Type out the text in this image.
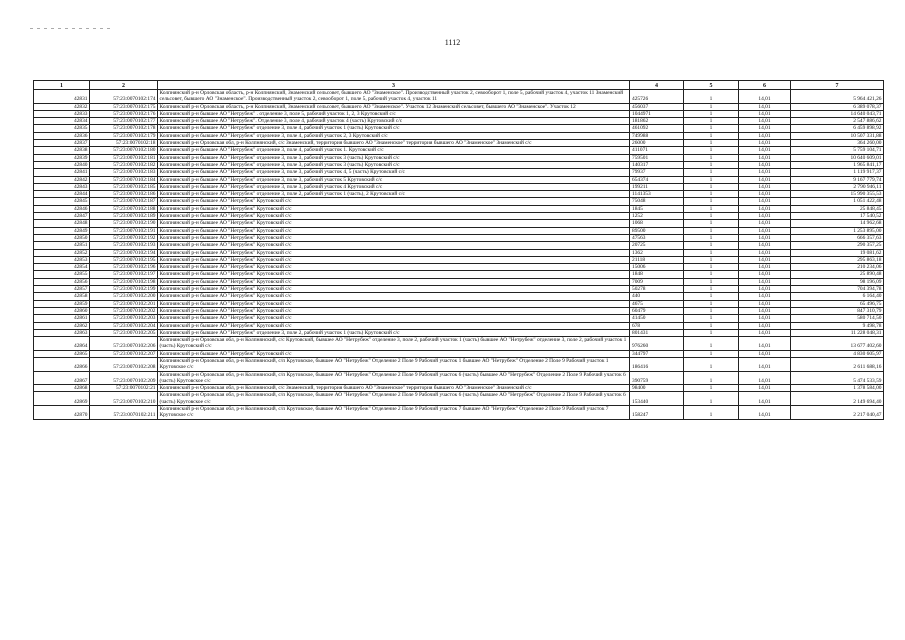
1112
1	2	3	4	5	6	7
42831	57:23:0070102:174	Колпнянский р-н Орловская область, р-н Колпнянский, Знаменский сельсовет, бывшего АО "Знаменское". Производственный участок 2, севооборот 1, поле 5, рабочий участок 4, участок 11 Знаменский сельсовет, бывшего АО "Знаменское". Производственный участок 2, севооборот 1, поле 5, рабочий участок 4, участок 11	425726	1	14,01	5 964 421,26
42832	57:23:0070102:175	Колпнянский р-н Орловская область, р-н Колпнянский, Знаменский сельсовет, бывшего АО "Знаменское". Участок 12 Знаменский сельсовет, бывшего АО "Знаменское". Участок 12	456037	1	14,01	6 389 078,37
42833	57:23:0070102:176	Колпнянский р-н бывшее АО "Нетрубеж" . отделение 3, поле 5, рабочий участок 1, 2, 3 Крутовский с/с	1044971	1	14,01	14 640 043,71
42834	57:23:0070102:177	Колпнянский р-н бывшее АО "Нетрубеж". Отделение 3, поле 4, рабочий участок 4 (часть) Крутовский с/с	181862	1	14,01	2 547 886,62
42835	57:23:0070102:178	Колпнянский р-н бывшее АО "Нетрубеж" отделение 3, поле 4, рабочий участок 1 (часть) Крутовский с/с	461092	1	14,01	6 459 898,92
42836	57:23:0070102:179	Колпнянский р-н бывшее АО "Нетрубеж" отделение 3, поле 4, рабочий участок 2, 3 Крутовский с/с	749988	1	14,01	10 507 331,88
42837	57:23:0070102:18	Колпнянский р-н Орловская обл, р-н Колпнянский, с/с Знаменский, территория бывшего АО "Знаменское" территория бывшего АО "Знаменское" Знаменский с/с	26000	1	14,01	364 260,00
42838	57:23:0070102:180	Колпнянский р-н бывшее АО "Нетрубеж" отделение 3, поле 4, рабочий участок 1. Крутовский с/с	411071	1	14,01	5 759 104,71
42839	57:23:0070102:181	Колпнянский р-н бывшее АО "Нетрубеж" отделение 3, поле 3, рабочий участок 3 (часть) Крутовский с/с	759501	1	14,01	10 640 609,01
42840	57:23:0070102:182	Колпнянский р-н бывшее АО "Нетрубеж" отделение 3, поле 3, рабочий участок 3 (часть) Крутовский с/с	140317	1	14,01	1 965 841,17
42841	57:23:0070102:183	Колпнянский р-н бывшее АО "Нетрубеж" отделение 3, поле 3, рабочий участок 4, 5 (часть) Крутовский с/с	79937	1	14,01	1 119 917,37
42842	57:23:0070102:184	Колпнянский р-н бывшее АО "Нетрубеж" отделение 3, поле 3, рабочий участок 5 Крутовский с/с	654374	1	14,01	9 167 779,74
42843	57:23:0070102:185	Колпнянский р-н бывшее АО "Нетрубеж" отделение 3, поле 3, рабочий участок 4 Крутовский с/с	199211	1	14,01	2 790 946,11
42844	57:23:0070102:186	Колпнянский р-н бывшее АО "Нетрубеж" отделение 3, поле 2, рабочий участок 1 (часть), 2 Крутовский с/с	1141353	1	14,01	15 990 355,53
42845	57:23:0070102:187	Колпнянский р-н бывшее АО "Нетрубеж" Крутовский с/с	75048	1	14,01	1 051 422,48
42846	57:23:0070102:188	Колпнянский р-н бывшее АО "Нетрубеж" Крутовский с/с	1845	1	14,01	25 848,45
42847	57:23:0070102:189	Колпнянский р-н бывшее АО "Нетрубеж" Крутовский с/с	1252	1	14,01	17 540,52
42848	57:23:0070102:190	Колпнянский р-н бывшее АО "Нетрубеж" Крутовский с/с	1068	1	14,01	14 962,68
42849	57:23:0070102:191	Колпнянский р-н бывшее АО "Нетрубеж" Крутовский с/с	89500	1	14,01	1 253 895,00
42850	57:23:0070102:192	Колпнянский р-н бывшее АО "Нетрубеж" Крутовский с/с	47563	1	14,01	666 357,63
42851	57:23:0070102:193	Колпнянский р-н бывшее АО "Нетрубеж" Крутовский с/с	20725	1	14,01	290 357,25
42852	57:23:0070102:194	Колпнянский р-н бывшее АО "Нетрубеж" Крутовский с/с	1362	1	14,01	19 081,62
42853	57:23:0070102:195	Колпнянский р-н бывшее АО "Нетрубеж" Крутовский с/с	21118	1	14,01	295 863,18
42854	57:23:0070102:196	Колпнянский р-н бывшее АО "Нетрубеж" Крутовский с/с	15006	1	14,01	210 234,06
42855	57:23:0070102:197	Колпнянский р-н бывшее АО "Нетрубеж" Крутовский с/с	1848	1	14,01	25 890,48
42856	57:23:0070102:198	Колпнянский р-н бывшее АО "Нетрубеж" Крутовский с/с	7009	1	14,01	98 196,09
42857	57:23:0070102:199	Колпнянский р-н бывшее АО "Нетрубеж" Крутовский с/с	50278	1	14,01	704 394,78
42858	57:23:0070102:200	Колпнянский р-н бывшее АО "Нетрубеж" Крутовский с/с	440	1	14,01	6 164,40
42859	57:23:0070102:201	Колпнянский р-н бывшее АО "Нетрубеж" Крутовский с/с	4675	1	14,01	65 496,75
42860	57:23:0070102:202	Колпнянский р-н бывшее АО "Нетрубеж" Крутовский с/с	60479	1	14,01	847 310,79
42861	57:23:0070102:203	Колпнянский р-н бывшее АО "Нетрубеж" Крутовский с/с	41450	1	14,01	580 714,50
42862	57:23:0070102:204	Колпнянский р-н бывшее АО "Нетрубеж" Крутовский с/с	678	1	14,01	9 498,78
42863	57:23:0070102:205	Колпнянский р-н бывшее АО "Нетрубеж" отделение 3, поле 2, рабочий участок 1 (часть) Крутовский с/с	801431	1	14,01	11 228 048,31
42864	57:23:0070102:206	Колпнянский р-н Орловская обл, р-н Колпнянский, с/с Крутовский, бывшее АО "Нетрубеж" отделение 3, поле 2, рабочий участок 1 (часть) бывшее АО "Нетрубеж" отделение 3, поле 2, рабочий участок 1 (часть) Крутовский с/с	976260	1	14,01	13 677 402,60
42865	57:23:0070102:207	Колпнянский р-н бывшее АО "Нетрубеж" Крутовский с/с	344797	1	14,01	4 830 605,97
42866	57:23:0070102:208	Колпнянский р-н Орловская обл, р-н Колпнянский, с/п Крутовское, бывшее АО "Нетрубеж" Отделение 2 Поле 9 Рабочий участок 1 бывшее АО "Нетрубеж" Отделение 2 Поле 9 Рабочий участок 1 Крутовское с/с	186416	1	14,01	2 611 688,16
42867	57:23:0070102:209	Колпнянский р-н Орловская обл, р-н Колпнянский, с/п Крутовское, бывшее АО "Нетрубеж" Отделение 2 Поле 9 Рабочий участок 6 (часть) бывшее АО "Нетрубеж" Отделение 2 Поле 9 Рабочий участок 6 (часть) Крутовское с/с	390759	1	14,01	5 474 533,59
42868	57:23:0070102:21	Колпнянский р-н Орловская обл, р-н Колпнянский, с/с Знаменский, территория бывшего АО "Знаменское" территория бывшего АО "Знаменское" Знаменский с/с	98400	1	14,01	1 378 584,00
42869	57:23:0070102:210	Колпнянский р-н Орловская обл, р-н Колпнянский, с/п Крутовское, бывшее АО "Нетрубеж" Отделение 2 Поле 9 Рабочий участок 6 (часть) бывшее АО "Нетрубеж" Отделение 2 Поле 9 Рабочий участок 6 (часть) Крутовское с/с	153440	1	14,01	2 149 694,40
42870	57:23:0070102:211	Колпнянский р-н Орловская обл, р-н Колпнянский, с/п Крутовское, бывшее АО "Нетрубеж" Отделение 2 Поле 9 Рабочий участок 7 бывшее АО "Нетрубеж" Отделение 2 Поле 9 Рабочий участок 7 Крутовское с/с	158247	1	14,01	2 217 040,47
